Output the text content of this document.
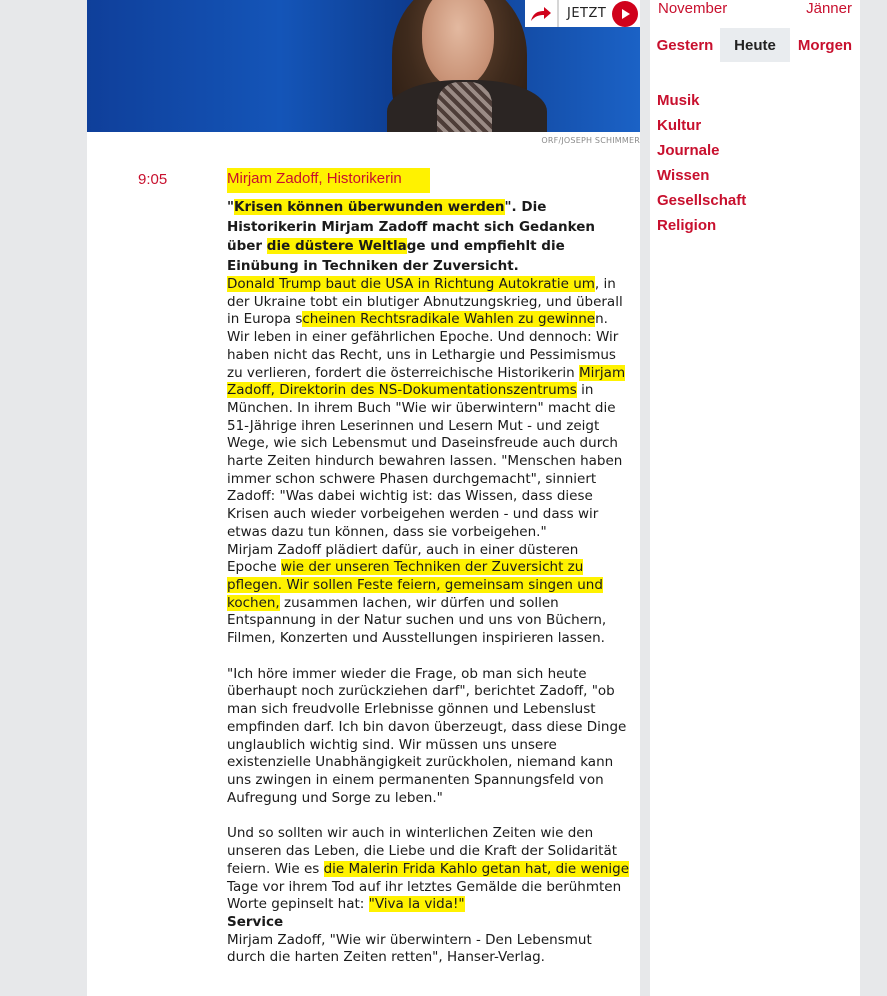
JETZT
ORF/JOSEPH SCHIMMER
9:05	Mirjam Zadoff, Historikerin

"Krisen können überwunden werden". Die Historikerin Mirjam Zadoff macht sich Gedanken über die düstere Weltlage und empfiehlt die Einübung in Techniken der Zuversicht.

Donald Trump baut die USA in Richtung Autokratie um, in der Ukraine tobt ein blutiger Abnutzungskrieg, und überall in Europa scheinen Rechtsradikale Wahlen zu gewinnen. Wir leben in einer gefährlichen Epoche. Und dennoch: Wir haben nicht das Recht, uns in Lethargie und Pessimismus zu verlieren, fordert die österreichische Historikerin Mirjam Zadoff, Direktorin des NS-Dokumentationszentrums in München. In ihrem Buch "Wie wir überwintern" macht die 51-Jährige ihren Leserinnen und Lesern Mut - und zeigt Wege, wie sich Lebensmut und Daseinsfreude auch durch harte Zeiten hindurch bewahren lassen. "Menschen haben immer schon schwere Phasen durchgemacht", sinniert Zadoff: "Was dabei wichtig ist: das Wissen, dass diese Krisen auch wieder vorbeigehen werden - und dass wir etwas dazu tun können, dass sie vorbeigehen."

Mirjam Zadoff plädiert dafür, auch in einer düsteren Epoche wie der unseren Techniken der Zuversicht zu pflegen. Wir sollen Feste feiern, gemeinsam singen und kochen, zusammen lachen, wir dürfen und sollen Entspannung in der Natur suchen und uns von Büchern, Filmen, Konzerten und Ausstellungen inspirieren lassen.

"Ich höre immer wieder die Frage, ob man sich heute überhaupt noch zurückziehen darf", berichtet Zadoff, "ob man sich freudvolle Erlebnisse gönnen und Lebenslust empfinden darf. Ich bin davon überzeugt, dass diese Dinge unglaublich wichtig sind. Wir müssen uns unsere existenzielle Unabhängigkeit zurückholen, niemand kann uns zwingen in einem permanenten Spannungsfeld von Aufregung und Sorge zu leben."

Und so sollten wir auch in winterlichen Zeiten wie den unseren das Leben, die Liebe und die Kraft der Solidarität feiern. Wie es die Malerin Frida Kahlo getan hat, die wenige Tage vor ihrem Tod auf ihr letztes Gemälde die berühmten Worte gepinselt hat: "Viva la vida!"

Service

Mirjam Zadoff, "Wie wir überwintern - Den Lebensmut durch die harten Zeiten retten", Hanser-Verlag.

November	Jänner
Gestern	Heute	Morgen
Musik
Kultur
Journale
Wissen
Gesellschaft
Religion
